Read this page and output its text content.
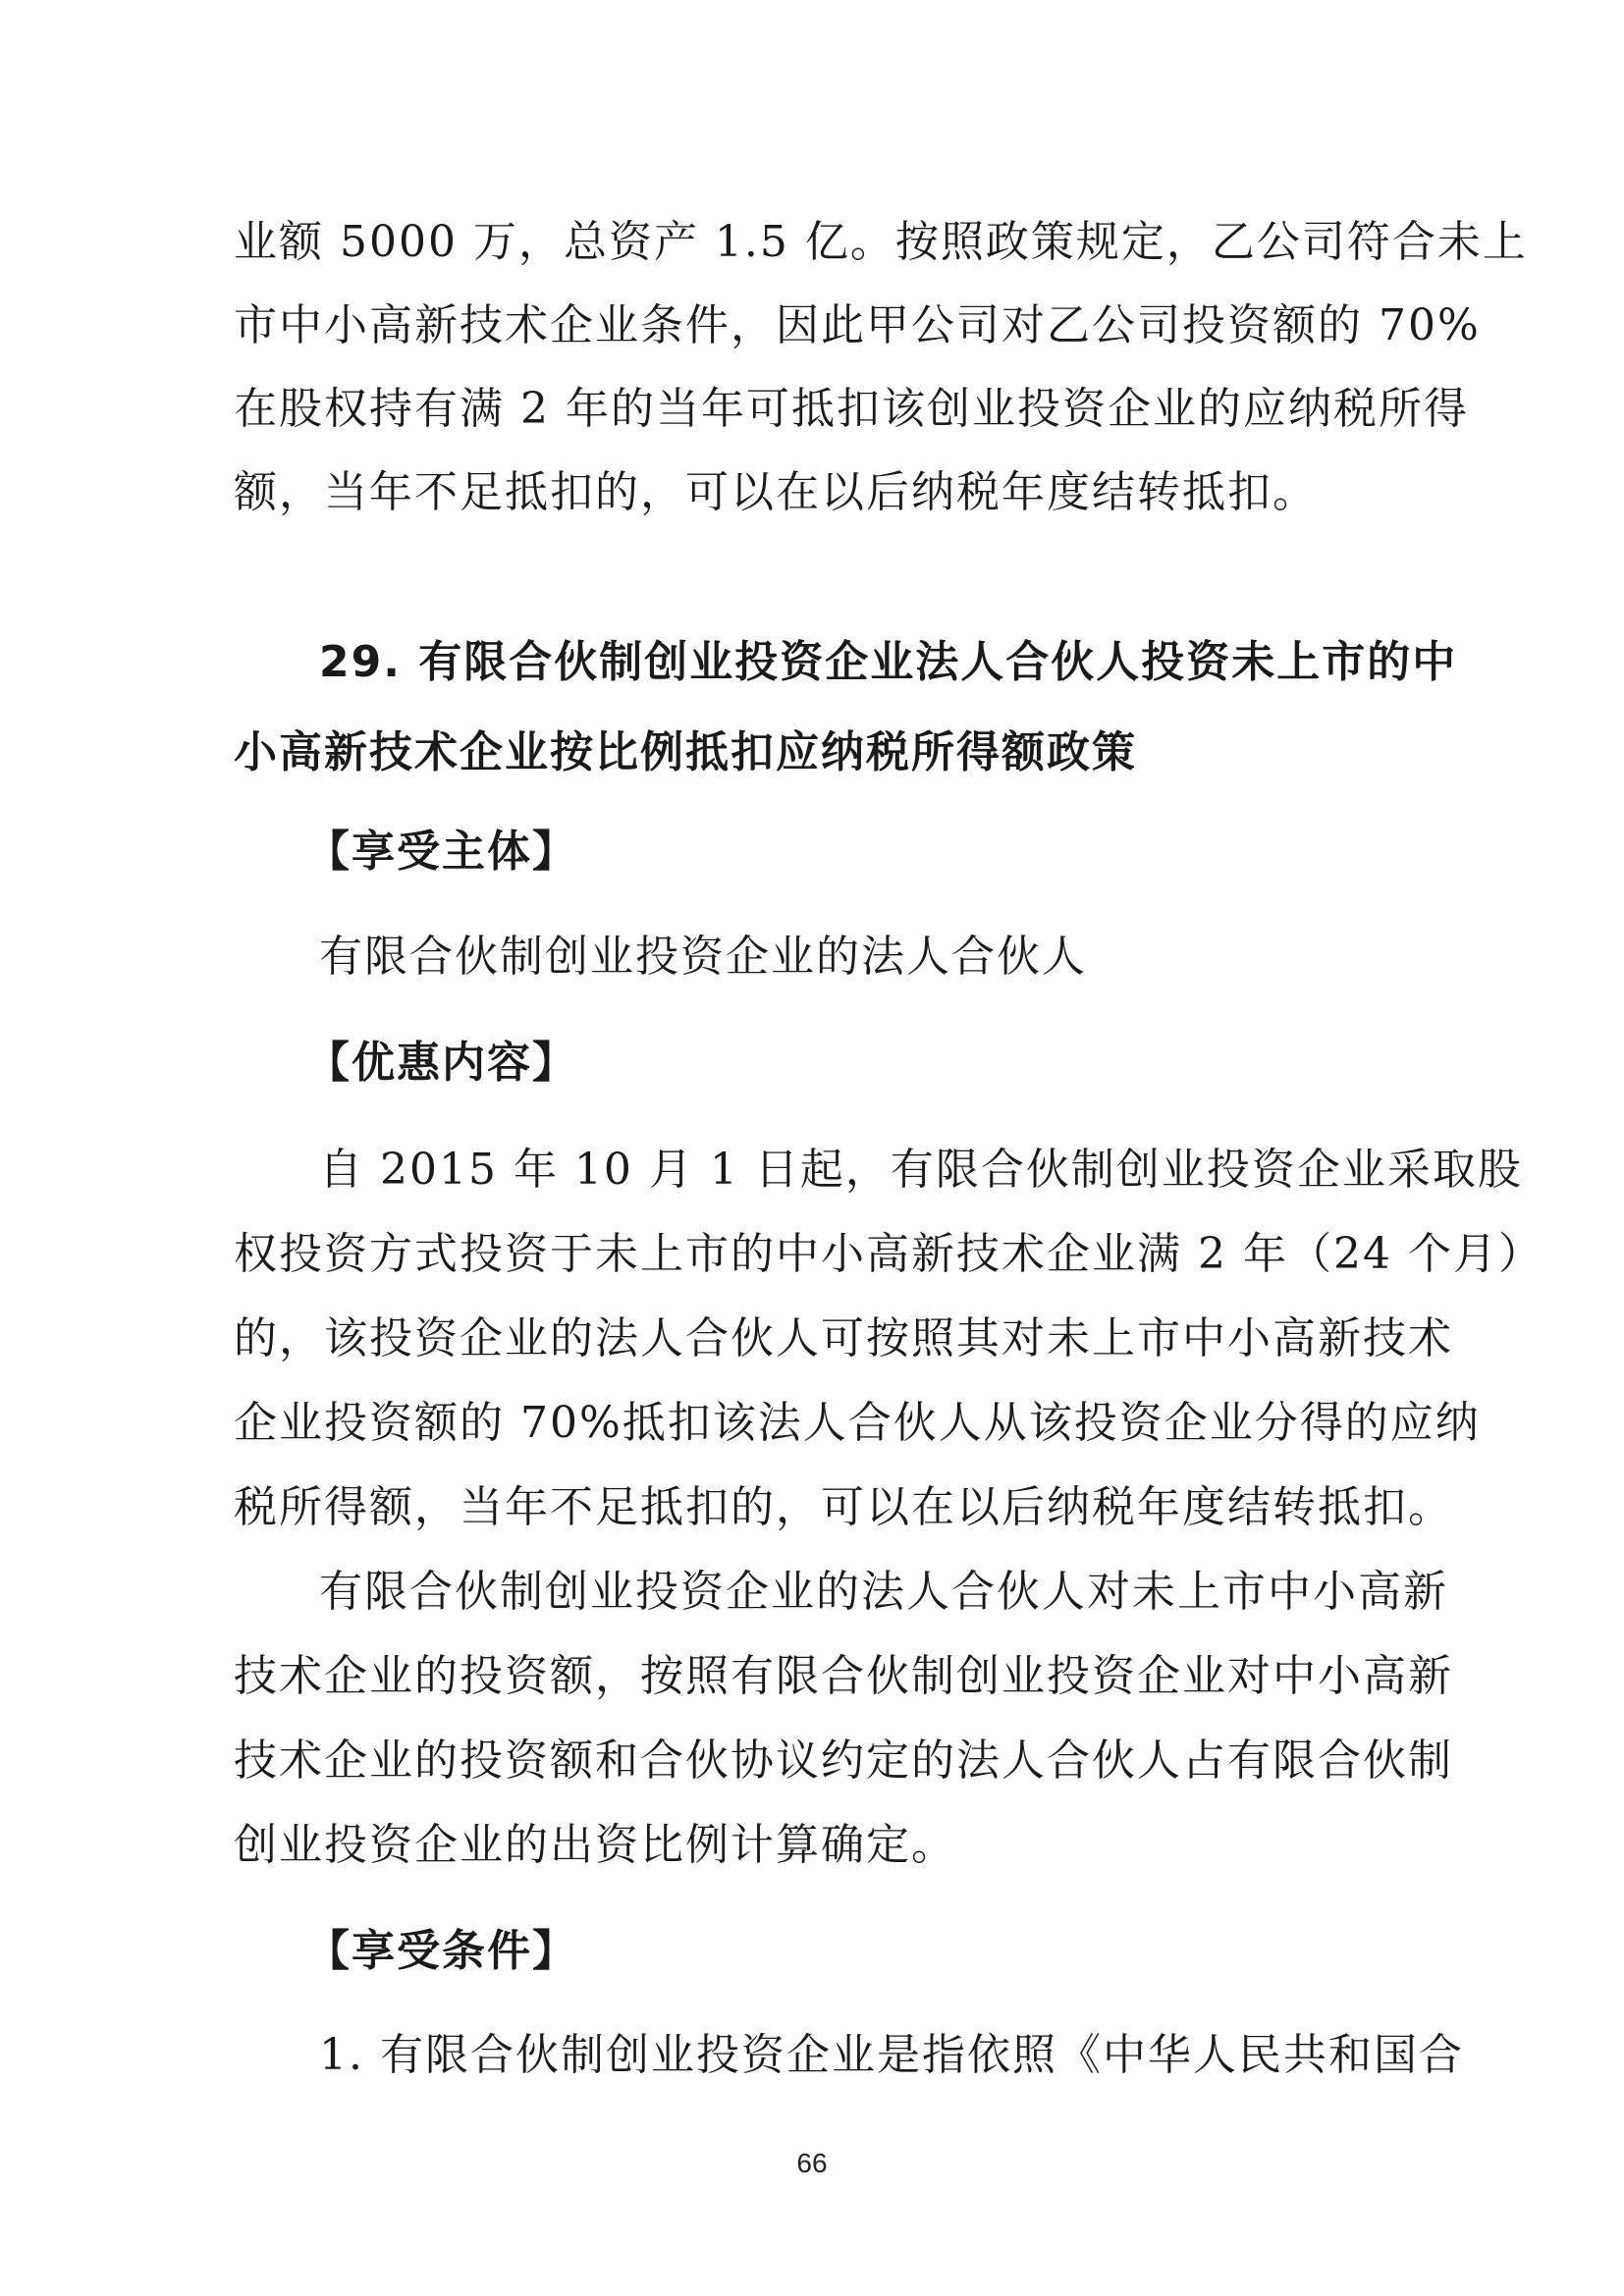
业额 5000 万，总资产 1.5 亿。按照政策规定，乙公司符合未上
市中小高新技术企业条件，因此甲公司对乙公司投资额的 70%
在股权持有满 2 年的当年可抵扣该创业投资企业的应纳税所得
额，当年不足抵扣的，可以在以后纳税年度结转抵扣。
29. 有限合伙制创业投资企业法人合伙人投资未上市的中
小高新技术企业按比例抵扣应纳税所得额政策
【享受主体】
有限合伙制创业投资企业的法人合伙人
【优惠内容】
自 2015 年 10 月 1 日起，有限合伙制创业投资企业采取股
权投资方式投资于未上市的中小高新技术企业满 2 年（24 个月）
的，该投资企业的法人合伙人可按照其对未上市中小高新技术
企业投资额的 70%抵扣该法人合伙人从该投资企业分得的应纳
税所得额，当年不足抵扣的，可以在以后纳税年度结转抵扣。
有限合伙制创业投资企业的法人合伙人对未上市中小高新
技术企业的投资额，按照有限合伙制创业投资企业对中小高新
技术企业的投资额和合伙协议约定的法人合伙人占有限合伙制
创业投资企业的出资比例计算确定。
【享受条件】
1. 有限合伙制创业投资企业是指依照《中华人民共和国合
66
